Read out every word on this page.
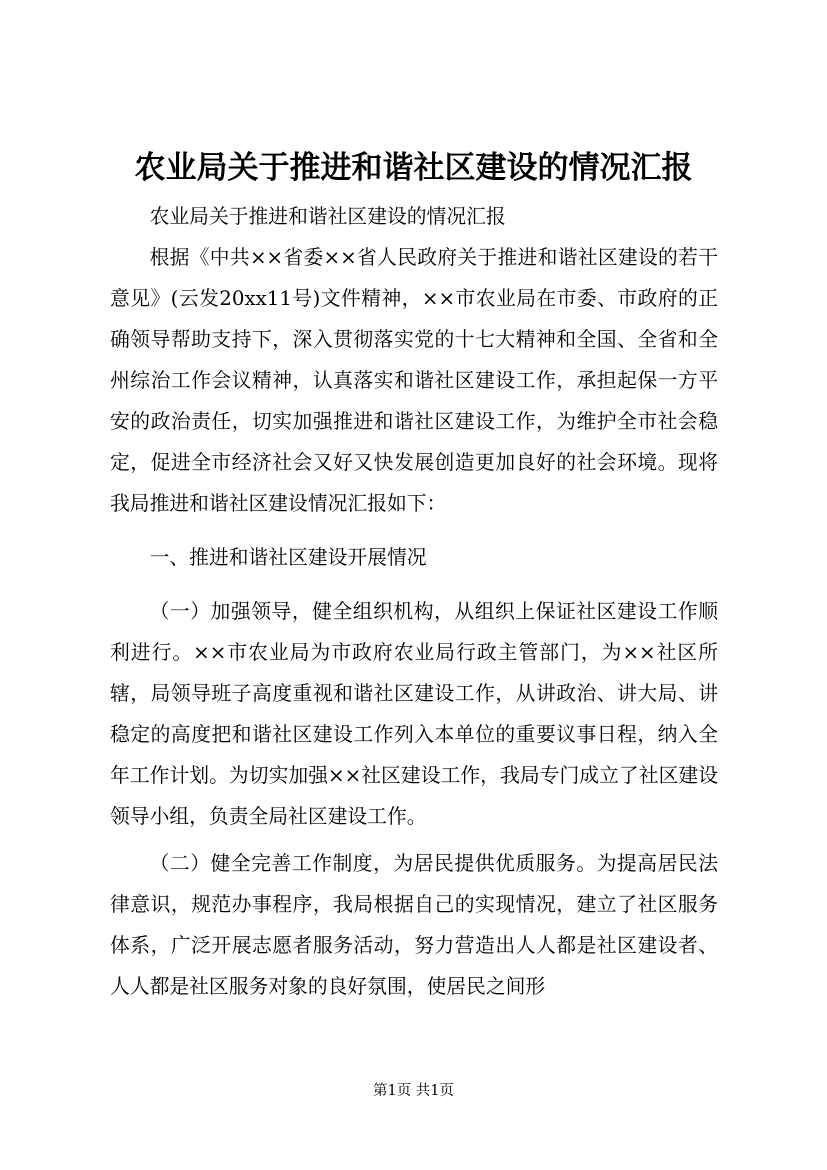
农业局关于推进和谐社区建设的情况汇报

农业局关于推进和谐社区建设的情况汇报

根据《中共××省委××省人民政府关于推进和谐社区建设的若干意见》(云发20xx11号)文件精神，××市农业局在市委、市政府的正确领导帮助支持下，深入贯彻落实党的十七大精神和全国、全省和全州综治工作会议精神，认真落实和谐社区建设工作，承担起保一方平安的政治责任，切实加强推进和谐社区建设工作，为维护全市社会稳定，促进全市经济社会又好又快发展创造更加良好的社会环境。现将我局推进和谐社区建设情况汇报如下：

一、推进和谐社区建设开展情况

（一）加强领导，健全组织机构，从组织上保证社区建设工作顺利进行。××市农业局为市政府农业局行政主管部门，为××社区所辖，局领导班子高度重视和谐社区建设工作，从讲政治、讲大局、讲稳定的高度把和谐社区建设工作列入本单位的重要议事日程，纳入全年工作计划。为切实加强××社区建设工作，我局专门成立了社区建设领导小组，负责全局社区建设工作。

（二）健全完善工作制度，为居民提供优质服务。为提高居民法律意识，规范办事程序，我局根据自己的实现情况，建立了社区服务体系，广泛开展志愿者服务活动，努力营造出人人都是社区建设者、人人都是社区服务对象的良好氛围，使居民之间形

第1页 共1页
